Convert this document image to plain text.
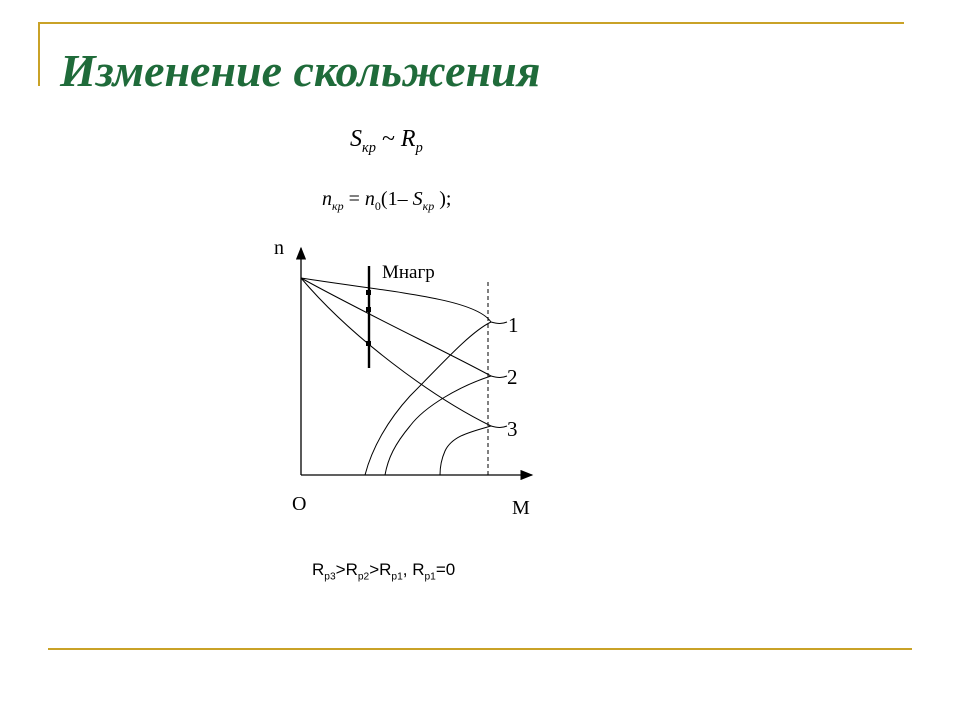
Изменение скольжения
$S_{кр}$ ~ $R_p$
$n_{кр} = n_0(1-$ $S_{кр}$ );
n
O	M
Mнагр
1
2
3
$R_{p3}>R_{p2}>R_{p1}$, $R_{p1}=0$
